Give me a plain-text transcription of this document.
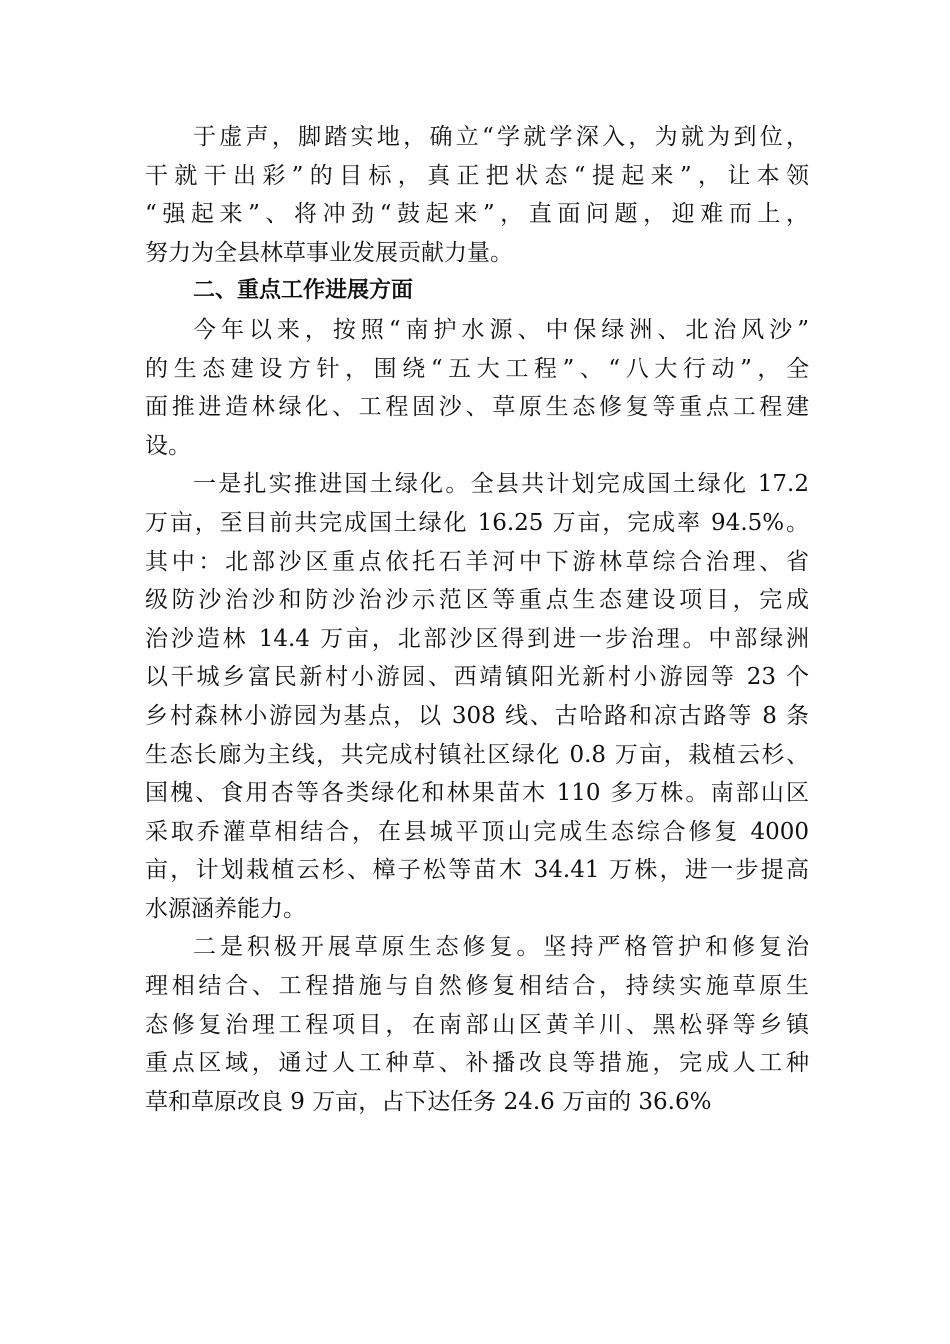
于虚声，脚踏实地，确立“学就学深入，为就为到位，
干就干出彩”的目标，真正把状态“提起来”，让本领
“强起来”、将冲劲“鼓起来”，直面问题，迎难而上，
努力为全县林草事业发展贡献力量。
二、重点工作进展方面
今年以来，按照“南护水源、中保绿洲、北治风沙”
的生态建设方针，围绕“五大工程”、“八大行动”，全
面推进造林绿化、工程固沙、草原生态修复等重点工程建
设。
一是扎实推进国土绿化。全县共计划完成国土绿化 17.2
万亩，至目前共完成国土绿化 16.25 万亩，完成率 94.5%。
其中：北部沙区重点依托石羊河中下游林草综合治理、省
级防沙治沙和防沙治沙示范区等重点生态建设项目，完成
治沙造林 14.4 万亩，北部沙区得到进一步治理。中部绿洲
以干城乡富民新村小游园、西靖镇阳光新村小游园等 23 个
乡村森林小游园为基点，以 308 线、古哈路和凉古路等 8 条
生态长廊为主线，共完成村镇社区绿化 0.8 万亩，栽植云杉、
国槐、食用杏等各类绿化和林果苗木 110 多万株。南部山区
采取乔灌草相结合，在县城平顶山完成生态综合修复 4000
亩，计划栽植云杉、樟子松等苗木 34.41 万株，进一步提高
水源涵养能力。
二是积极开展草原生态修复。坚持严格管护和修复治
理相结合、工程措施与自然修复相结合，持续实施草原生
态修复治理工程项目，在南部山区黄羊川、黑松驿等乡镇
重点区域，通过人工种草、补播改良等措施，完成人工种
草和草原改良 9 万亩，占下达任务 24.6 万亩的 36.6%
